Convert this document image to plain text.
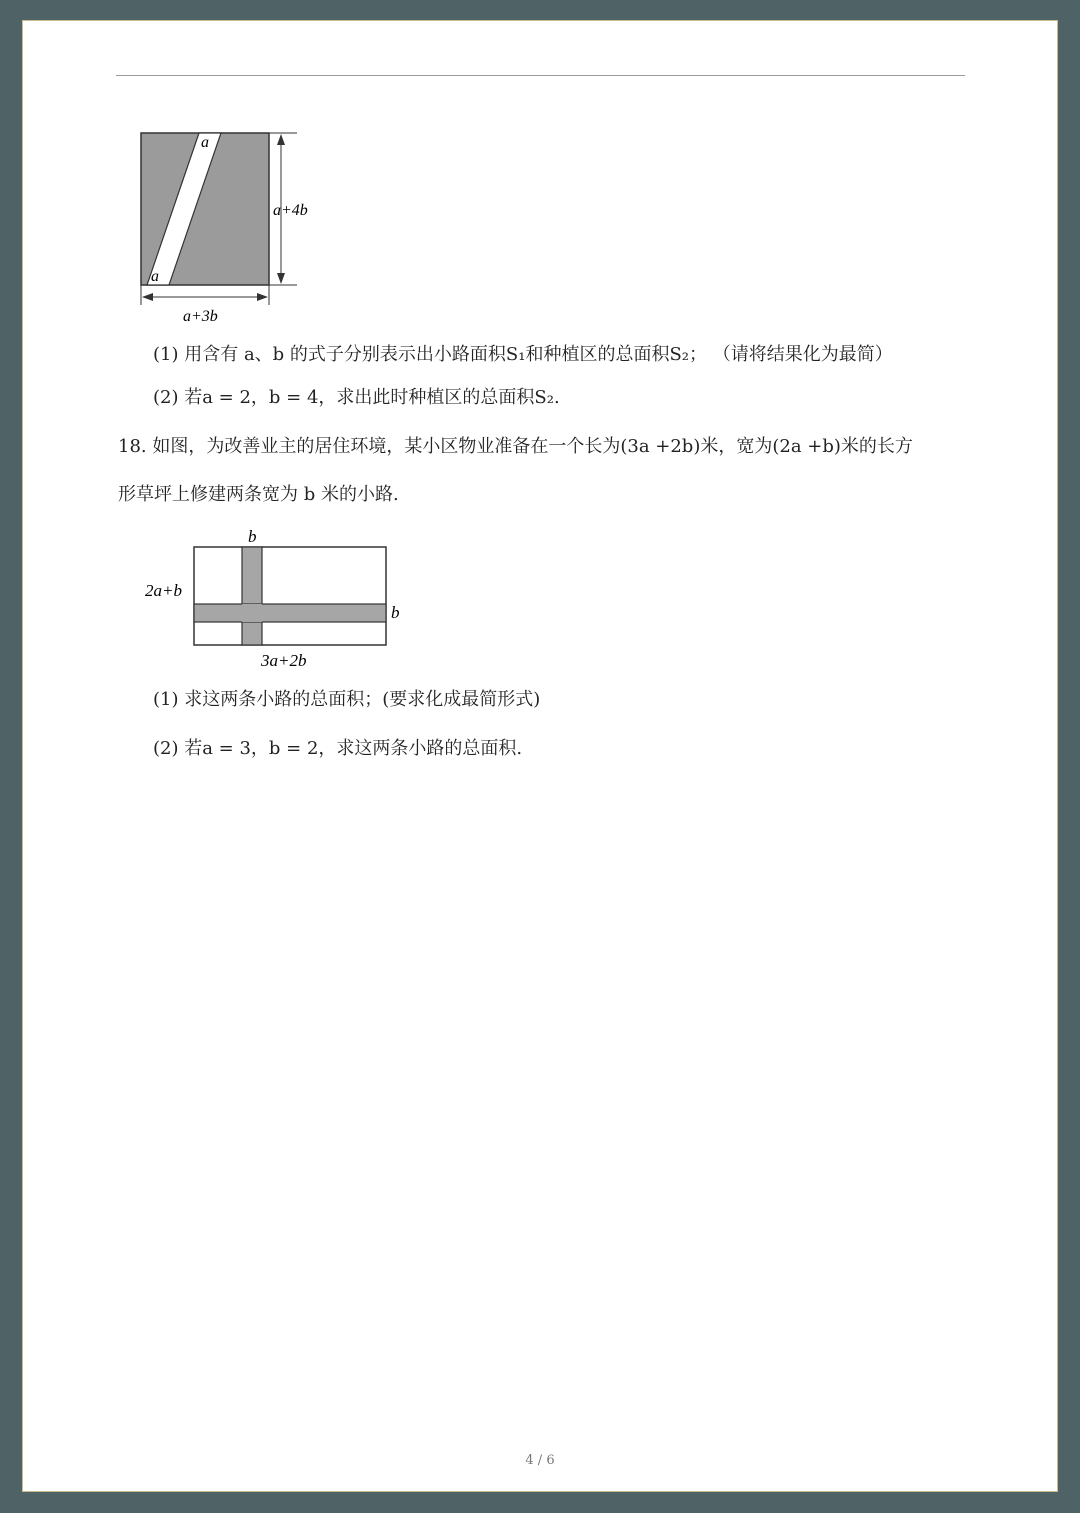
a
a
a+4b
a+3b
(1) 用含有 a、b 的式子分别表示出小路面积S₁和种植区的总面积S₂； （请将结果化为最简）
(2) 若a = 2，b = 4，求出此时种植区的总面积S₂.
18. 如图，为改善业主的居住环境，某小区物业准备在一个长为(3a +2b)米，宽为(2a +b)米的长方
形草坪上修建两条宽为 b 米的小路.
b
2a+b
b
3a+2b
(1) 求这两条小路的总面积；(要求化成最简形式)
(2) 若a = 3，b = 2，求这两条小路的总面积.
4 / 6
